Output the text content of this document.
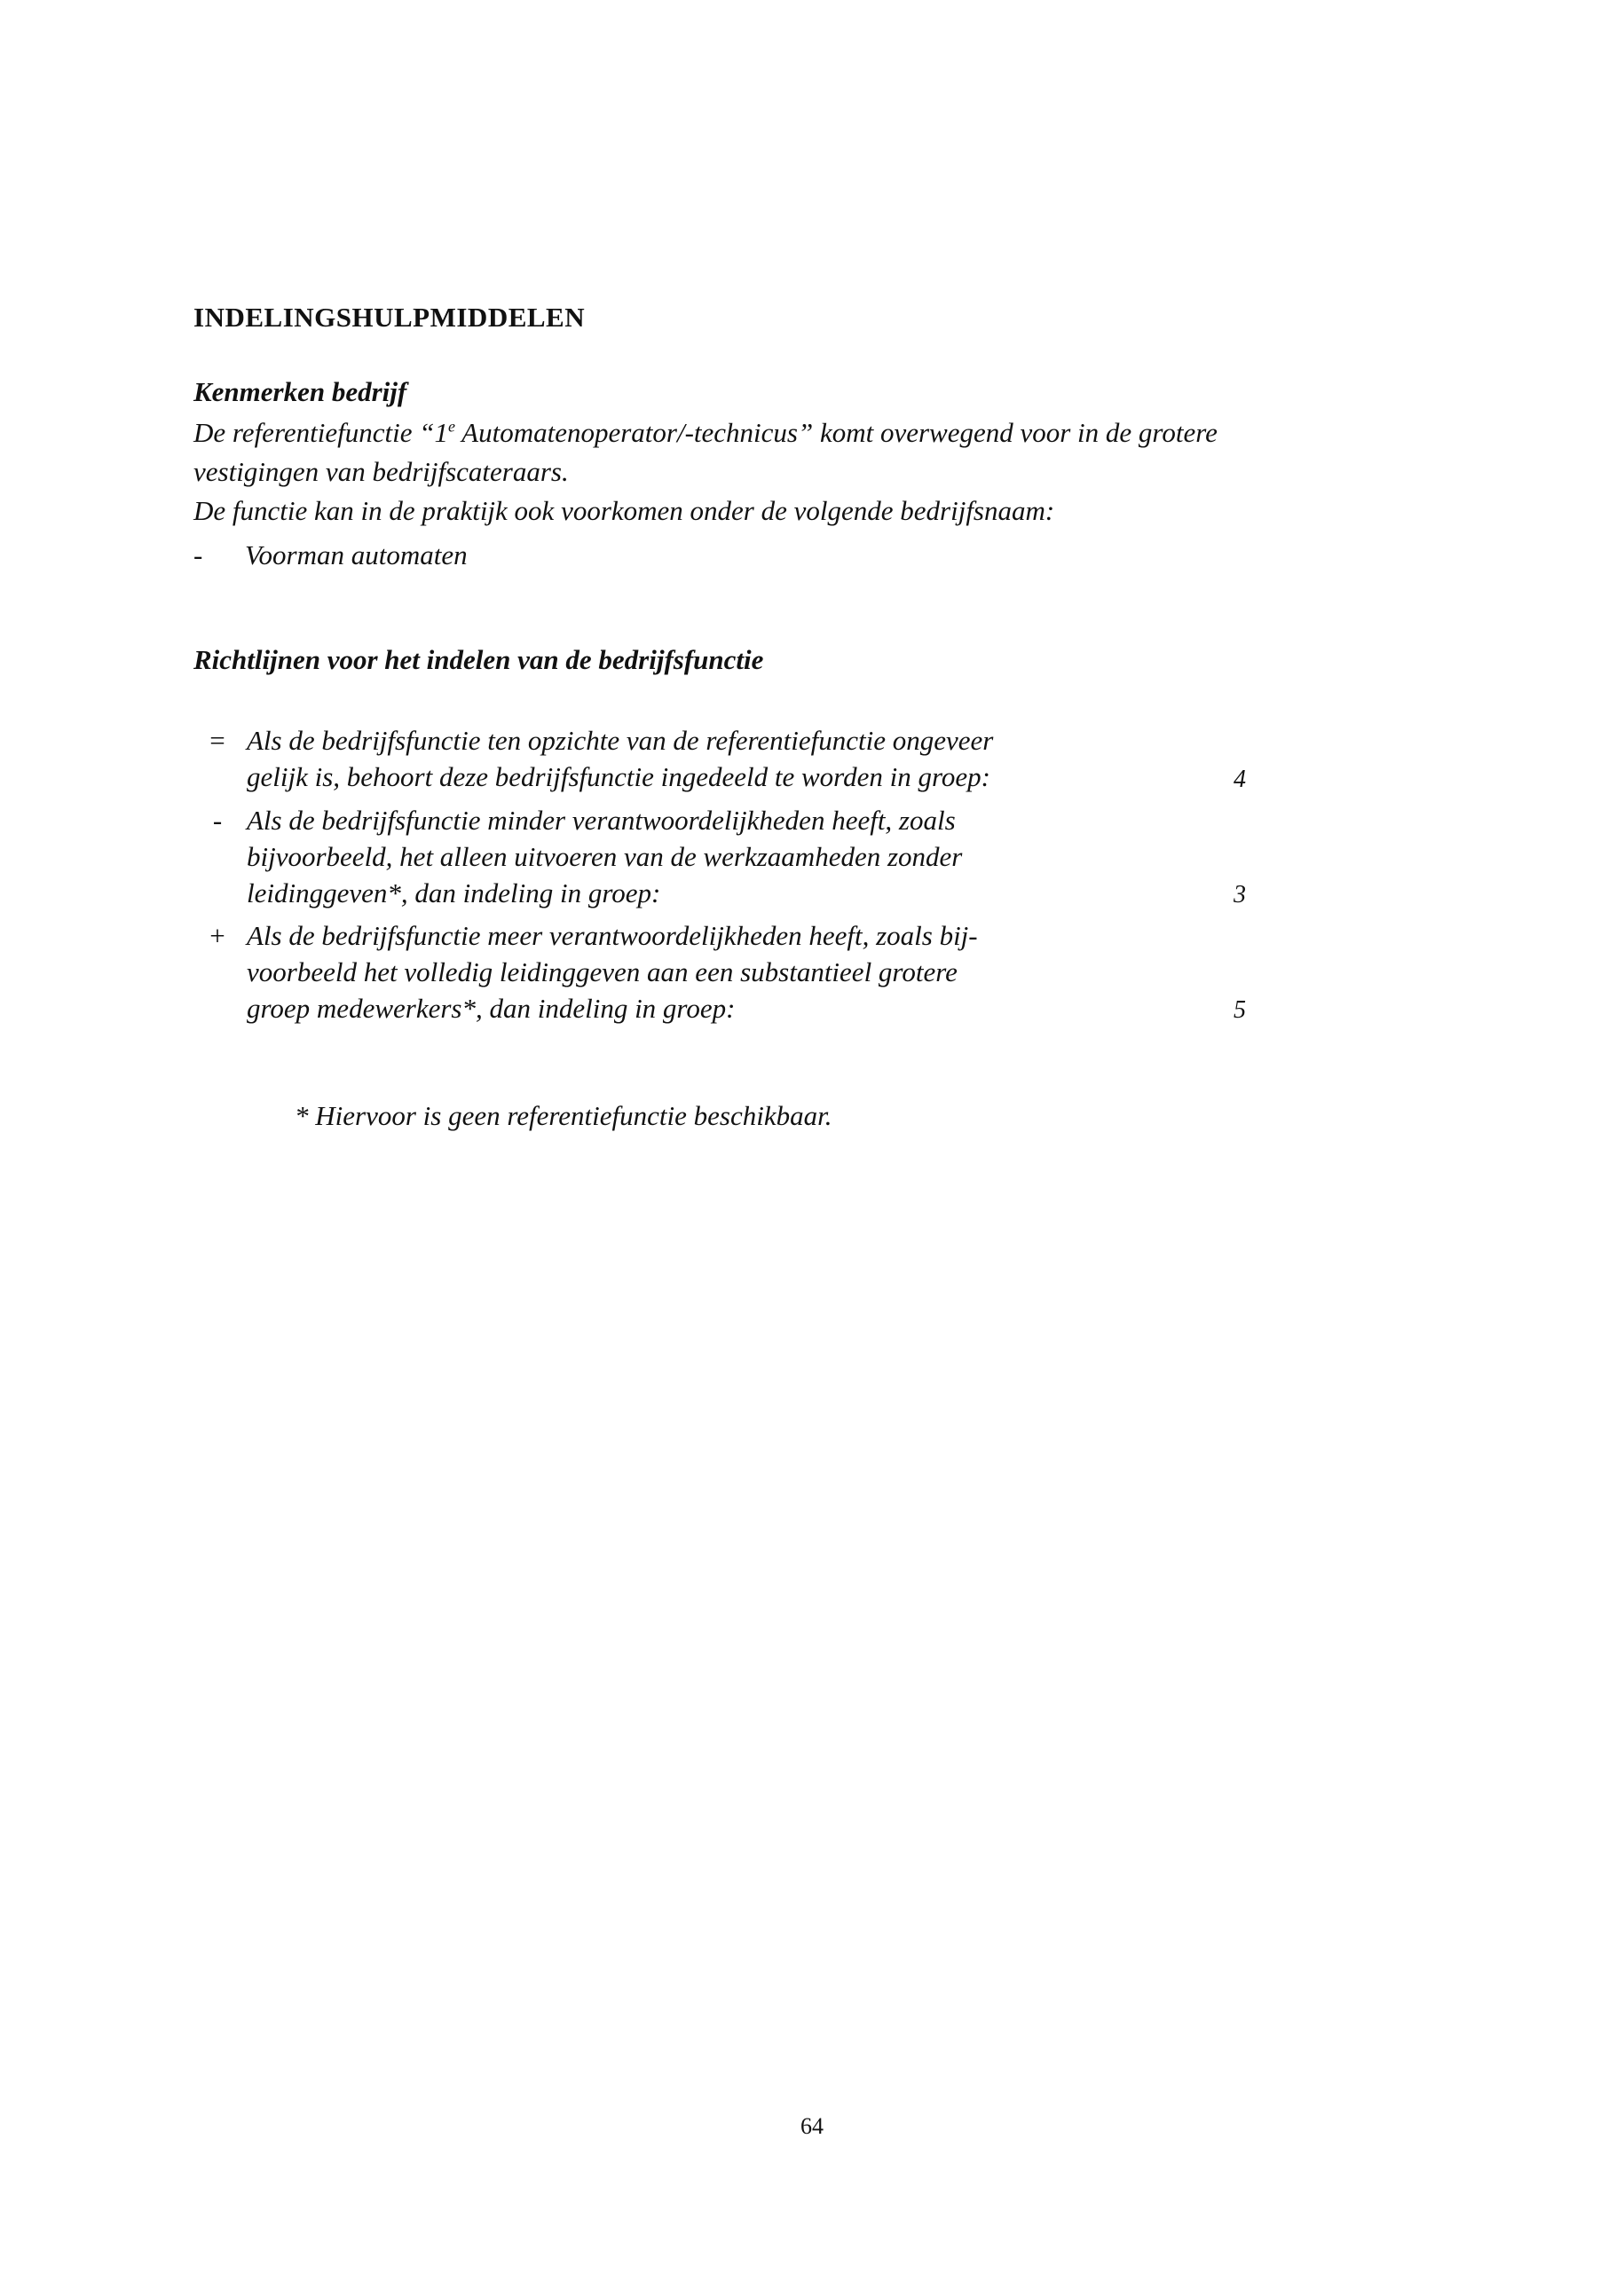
INDELINGSHULPMIDDELEN
Kenmerken bedrijf
De referentiefunctie “1e Automatenoperator/-technicus” komt overwegend voor in de grotere
vestigingen van bedrijfscateraars.
De functie kan in de praktijk ook voorkomen onder de volgende bedrijfsnaam:
- Voorman automaten
Richtlijnen voor het indelen van de bedrijfsfunctie
= Als de bedrijfsfunctie ten opzichte van de referentiefunctie ongeveer
gelijk is, behoort deze bedrijfsfunctie ingedeeld te worden in groep:	4
- Als de bedrijfsfunctie minder verantwoordelijkheden heeft, zoals
bijvoorbeeld, het alleen uitvoeren van de werkzaamheden zonder
leidinggeven*, dan indeling in groep:	3
+ Als de bedrijfsfunctie meer verantwoordelijkheden heeft, zoals bij-
voorbeeld het volledig leidinggeven aan een substantieel grotere
groep medewerkers*, dan indeling in groep:	5
* Hiervoor is geen referentiefunctie beschikbaar.
64
